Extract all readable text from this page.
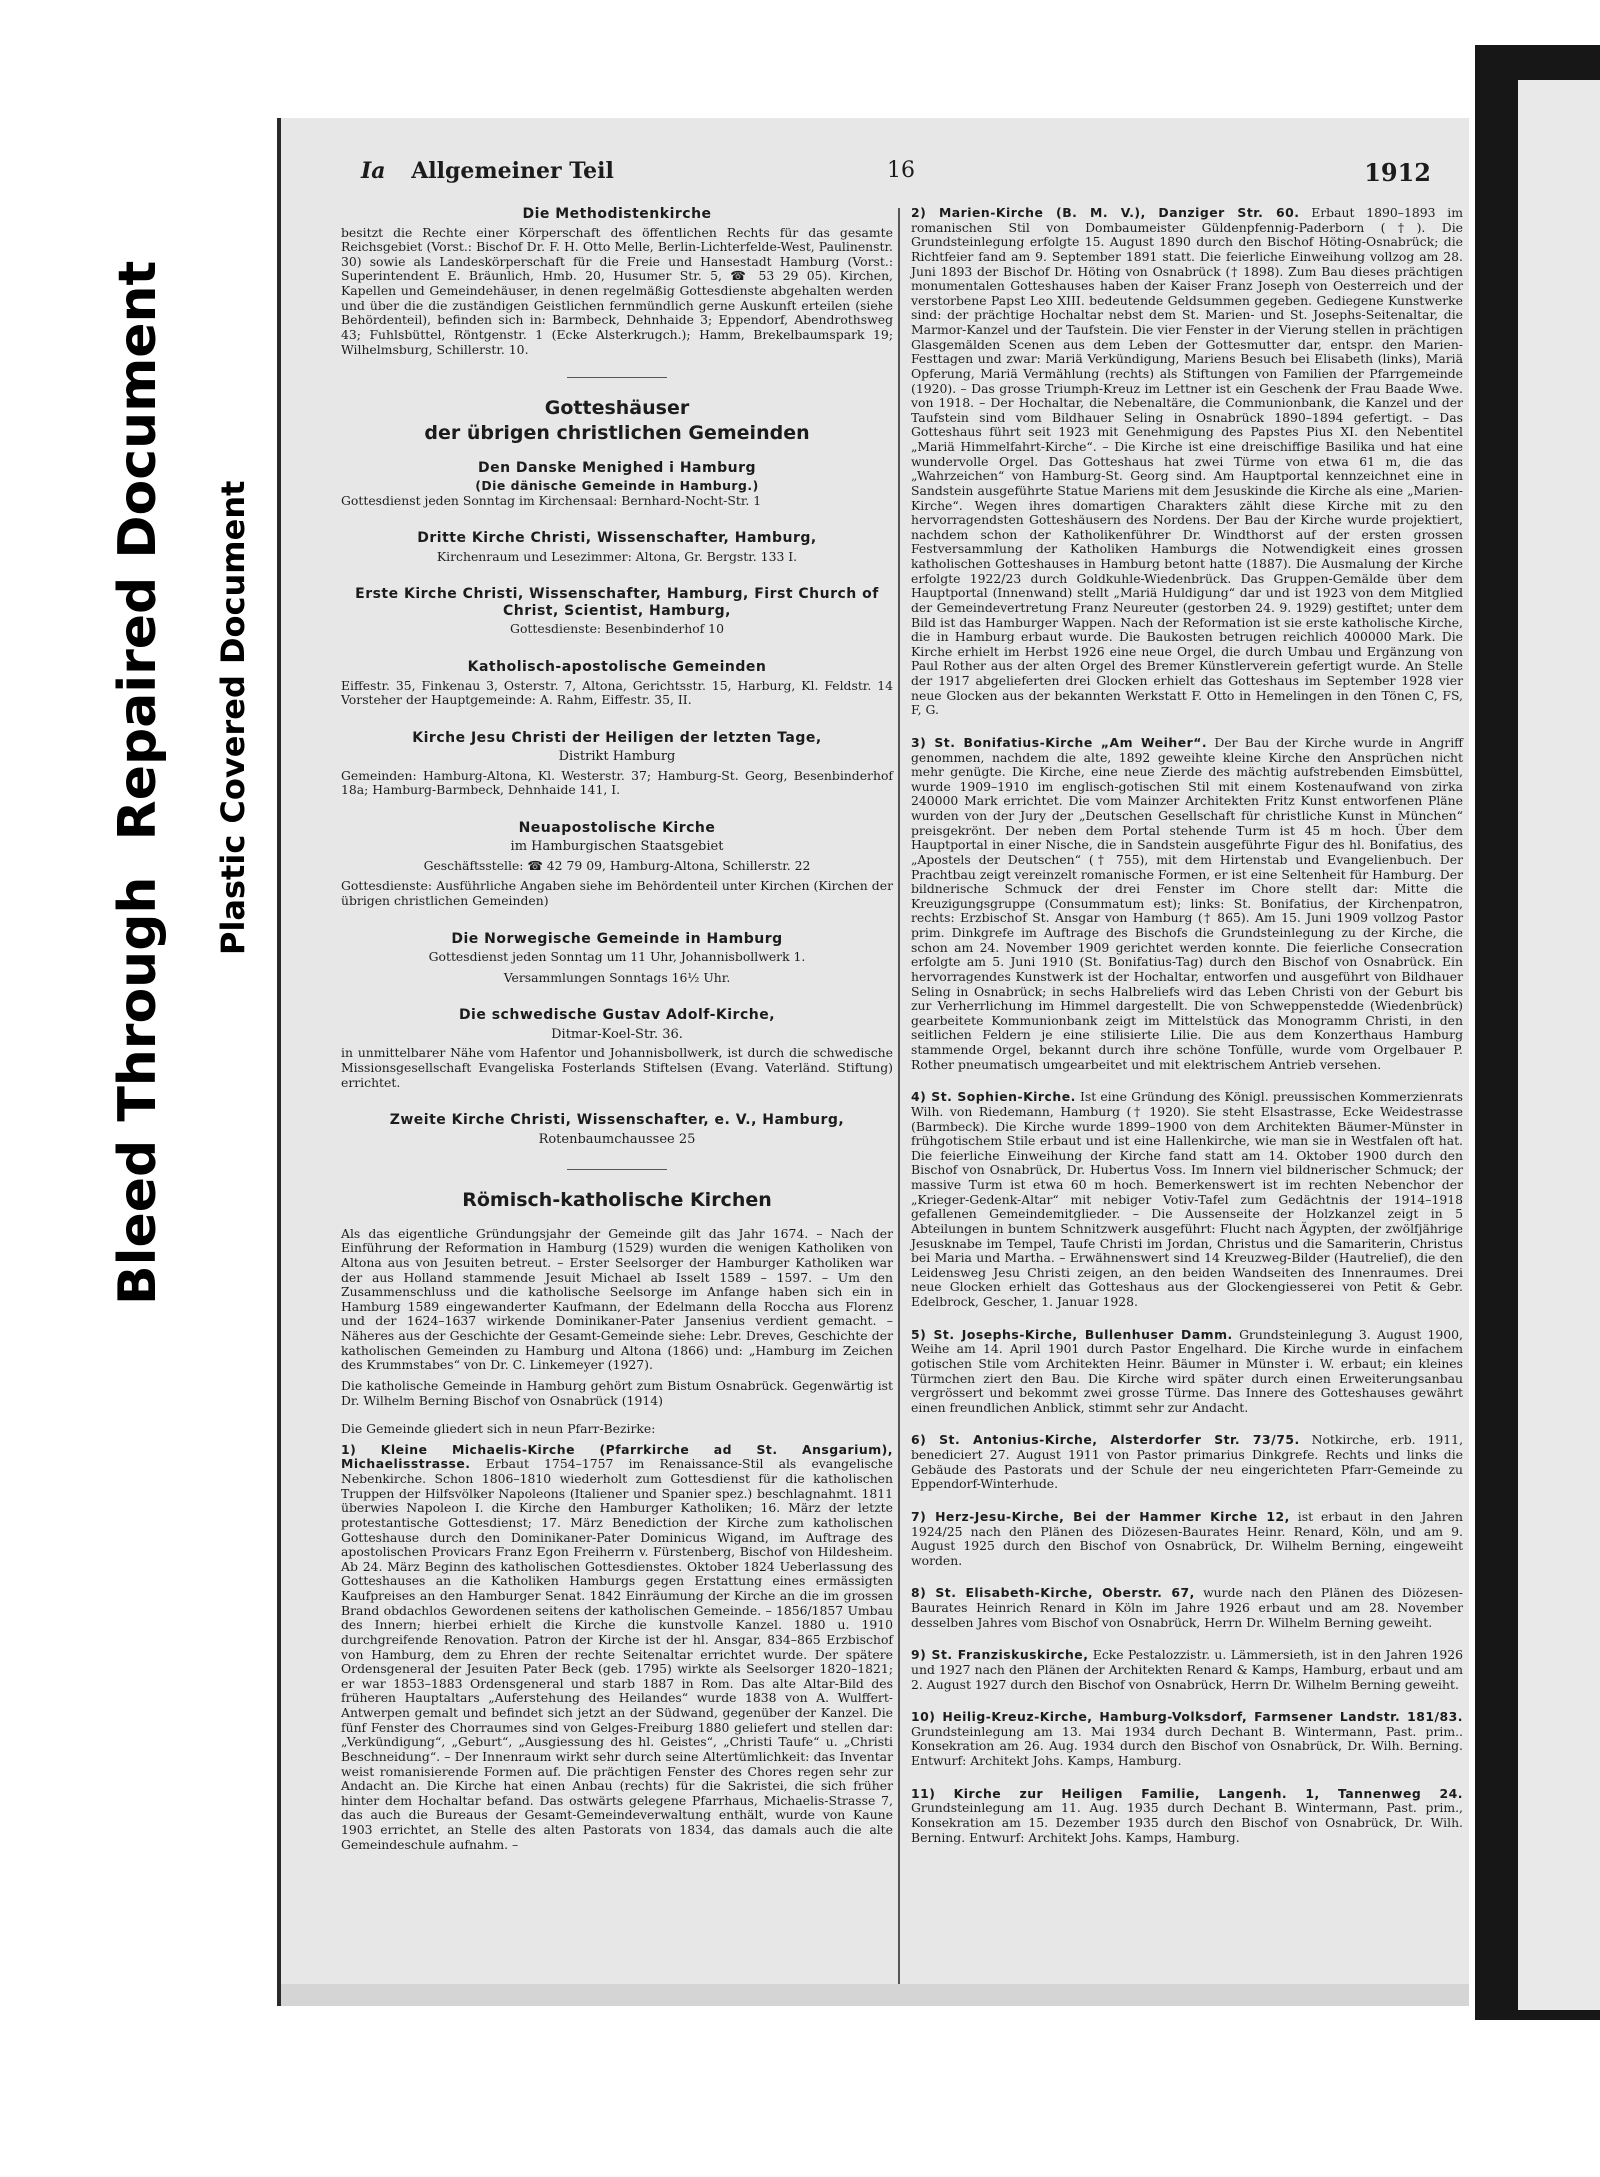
Bleed Through  Repaired Document	Plastic Covered Document
Ia Allgemeiner Teil	16	1912
Die Methodistenkirche

besitzt die Rechte einer Körperschaft des öffentlichen Rechts für das gesamte Reichsgebiet (Vorst.: Bischof Dr. F. H. Otto Melle, Berlin-Lichterfelde-West, Paulinenstr. 30) sowie als Landeskörperschaft für die Freie und Hansestadt Hamburg (Vorst.: Superintendent E. Bräunlich, Hmb. 20, Husumer Str. 5, ☎ 53 29 05). Kirchen, Kapellen und Gemeindehäuser, in denen regelmäßig Gottesdienste abgehalten werden und über die die zuständigen Geistlichen fernmündlich gerne Auskunft erteilen (siehe Behördenteil), befinden sich in: Barmbeck, Dehnhaide 3; Eppendorf, Abendrothsweg 43; Fuhlsbüttel, Röntgenstr. 1 (Ecke Alsterkrugch.); Hamm, Brekelbaumspark 19; Wilhelmsburg, Schillerstr. 10.

Gotteshäuser
der übrigen christlichen Gemeinden
Den Danske Menighed i Hamburg
(Die dänische Gemeinde in Hamburg.)

Gottesdienst jeden Sonntag im Kirchensaal: Bernhard-Nocht-Str. 1

Dritte Kirche Christi, Wissenschafter, Hamburg,

Kirchenraum und Lesezimmer: Altona, Gr. Bergstr. 133 I.

Erste Kirche Christi, Wissenschafter, Hamburg, First Church of Christ, Scientist, Hamburg,

Gottesdienste: Besenbinderhof 10

Katholisch-apostolische Gemeinden

Eiffestr. 35, Finkenau 3, Osterstr. 7, Altona, Gerichtsstr. 15, Harburg, Kl. Feldstr. 14 Vorsteher der Hauptgemeinde: A. Rahm, Eiffestr. 35, II.

Kirche Jesu Christi der Heiligen der letzten Tage,
Distrikt Hamburg

Gemeinden: Hamburg-Altona, Kl. Westerstr. 37; Hamburg-St. Georg, Besenbinderhof 18a; Hamburg-Barmbeck, Dehnhaide 141, I.

Neuapostolische Kirche
im Hamburgischen Staatsgebiet

Geschäftsstelle: ☎ 42 79 09, Hamburg-Altona, Schillerstr. 22

Gottesdienste: Ausführliche Angaben siehe im Behördenteil unter Kirchen (Kirchen der übrigen christlichen Gemeinden)

Die Norwegische Gemeinde in Hamburg

Gottesdienst jeden Sonntag um 11 Uhr, Johannisbollwerk 1.

Versammlungen Sonntags 16½ Uhr.

Die schwedische Gustav Adolf-Kirche,
Ditmar-Koel-Str. 36.

in unmittelbarer Nähe vom Hafentor und Johannisbollwerk, ist durch die schwedische Missionsgesellschaft Evangeliska Fosterlands Stiftelsen (Evang. Vaterländ. Stiftung) errichtet.

Zweite Kirche Christi, Wissenschafter, e. V., Hamburg,
Rotenbaumchaussee 25
Römisch-katholische Kirchen

Als das eigentliche Gründungsjahr der Gemeinde gilt das Jahr 1674. – Nach der Einführung der Reformation in Hamburg (1529) wurden die wenigen Katholiken von Altona aus von Jesuiten betreut. – Erster Seelsorger der Hamburger Katholiken war der aus Holland stammende Jesuit Michael ab Isselt 1589 – 1597. – Um den Zusammenschluss und die katholische Seelsorge im Anfange haben sich ein in Hamburg 1589 eingewanderter Kaufmann, der Edelmann della Roccha aus Florenz und der 1624–1637 wirkende Dominikaner-Pater Jansenius verdient gemacht. – Näheres aus der Geschichte der Gesamt-Gemeinde siehe: Lebr. Dreves, Geschichte der katholischen Gemeinden zu Hamburg und Altona (1866) und: „Hamburg im Zeichen des Krummstabes“ von Dr. C. Linkemeyer (1927).

Die katholische Gemeinde in Hamburg gehört zum Bistum Osnabrück. Gegenwärtig ist Dr. Wilhelm Berning Bischof von Osnabrück (1914)

Die Gemeinde gliedert sich in neun Pfarr-Bezirke:

1) Kleine Michaelis-Kirche (Pfarrkirche ad St. Ansgarium), Michaelisstrasse. Erbaut 1754–1757 im Renaissance-Stil als evangelische Nebenkirche. Schon 1806–1810 wiederholt zum Gottesdienst für die katholischen Truppen der Hilfsvölker Napoleons (Italiener und Spanier spez.) beschlagnahmt. 1811 überwies Napoleon I. die Kirche den Hamburger Katholiken; 16. März der letzte protestantische Gottesdienst; 17. März Benediction der Kirche zum katholischen Gotteshause durch den Dominikaner-Pater Dominicus Wigand, im Auftrage des apostolischen Provicars Franz Egon Freiherrn v. Fürstenberg, Bischof von Hildesheim. Ab 24. März Beginn des katholischen Gottesdienstes. Oktober 1824 Ueberlassung des Gotteshauses an die Katholiken Hamburgs gegen Erstattung eines ermässigten Kaufpreises an den Hamburger Senat. 1842 Einräumung der Kirche an die im grossen Brand obdachlos Gewordenen seitens der katholischen Gemeinde. – 1856/1857 Umbau des Innern; hierbei erhielt die Kirche die kunstvolle Kanzel. 1880 u. 1910 durchgreifende Renovation. Patron der Kirche ist der hl. Ansgar, 834–865 Erzbischof von Hamburg, dem zu Ehren der rechte Seitenaltar errichtet wurde. Der spätere Ordensgeneral der Jesuiten Pater Beck (geb. 1795) wirkte als Seelsorger 1820–1821; er war 1853–1883 Ordensgeneral und starb 1887 in Rom. Das alte Altar-Bild des früheren Hauptaltars „Auferstehung des Heilandes“ wurde 1838 von A. Wulffert-Antwerpen gemalt und befindet sich jetzt an der Südwand, gegenüber der Kanzel. Die fünf Fenster des Chorraumes sind von Gelges-Freiburg 1880 geliefert und stellen dar: „Verkündigung“, „Geburt“, „Ausgiessung des hl. Geistes“, „Christi Taufe“ u. „Christi Beschneidung“. – Der Innenraum wirkt sehr durch seine Altertümlichkeit: das Inventar weist romanisierende Formen auf. Die prächtigen Fenster des Chores regen sehr zur Andacht an. Die Kirche hat einen Anbau (rechts) für die Sakristei, die sich früher hinter dem Hochaltar befand. Das ostwärts gelegene Pfarrhaus, Michaelis-Strasse 7, das auch die Bureaus der Gesamt-Gemeindeverwaltung enthält, wurde von Kaune 1903 errichtet, an Stelle des alten Pastorats von 1834, das damals auch die alte Gemeindeschule aufnahm. –

2) Marien-Kirche (B. M. V.), Danziger Str. 60. Erbaut 1890–1893 im romanischen Stil von Dombaumeister Güldenpfennig-Paderborn (†). Die Grundsteinlegung erfolgte 15. August 1890 durch den Bischof Höting-Osnabrück; die Richtfeier fand am 9. September 1891 statt. Die feierliche Einweihung vollzog am 28. Juni 1893 der Bischof Dr. Höting von Osnabrück († 1898). Zum Bau dieses prächtigen monumentalen Gotteshauses haben der Kaiser Franz Joseph von Oesterreich und der verstorbene Papst Leo XIII. bedeutende Geldsummen gegeben. Gediegene Kunstwerke sind: der prächtige Hochaltar nebst dem St. Marien- und St. Josephs-Seitenaltar, die Marmor-Kanzel und der Taufstein. Die vier Fenster in der Vierung stellen in prächtigen Glasgemälden Scenen aus dem Leben der Gottesmutter dar, entspr. den Marien-Festtagen und zwar: Mariä Verkündigung, Mariens Besuch bei Elisabeth (links), Mariä Opferung, Mariä Vermählung (rechts) als Stiftungen von Familien der Pfarrgemeinde (1920). – Das grosse Triumph-Kreuz im Lettner ist ein Geschenk der Frau Baade Wwe. von 1918. – Der Hochaltar, die Nebenaltäre, die Communionbank, die Kanzel und der Taufstein sind vom Bildhauer Seling in Osnabrück 1890–1894 gefertigt. – Das Gotteshaus führt seit 1923 mit Genehmigung des Papstes Pius XI. den Nebentitel „Mariä Himmelfahrt-Kirche“. – Die Kirche ist eine dreischiffige Basilika und hat eine wundervolle Orgel. Das Gotteshaus hat zwei Türme von etwa 61 m, die das „Wahrzeichen“ von Hamburg-St. Georg sind. Am Hauptportal kennzeichnet eine in Sandstein ausgeführte Statue Mariens mit dem Jesuskinde die Kirche als eine „Marien-Kirche“. Wegen ihres domartigen Charakters zählt diese Kirche mit zu den hervorragendsten Gotteshäusern des Nordens. Der Bau der Kirche wurde projektiert, nachdem schon der Katholikenführer Dr. Windthorst auf der ersten grossen Festversammlung der Katholiken Hamburgs die Notwendigkeit eines grossen katholischen Gotteshauses in Hamburg betont hatte (1887). Die Ausmalung der Kirche erfolgte 1922/23 durch Goldkuhle-Wiedenbrück. Das Gruppen-Gemälde über dem Hauptportal (Innenwand) stellt „Mariä Huldigung“ dar und ist 1923 von dem Mitglied der Gemeindevertretung Franz Neureuter (gestorben 24. 9. 1929) gestiftet; unter dem Bild ist das Hamburger Wappen. Nach der Reformation ist sie erste katholische Kirche, die in Hamburg erbaut wurde. Die Baukosten betrugen reichlich 400000 Mark. Die Kirche erhielt im Herbst 1926 eine neue Orgel, die durch Umbau und Ergänzung von Paul Rother aus der alten Orgel des Bremer Künstlerverein gefertigt wurde. An Stelle der 1917 abgelieferten drei Glocken erhielt das Gotteshaus im September 1928 vier neue Glocken aus der bekannten Werkstatt F. Otto in Hemelingen in den Tönen C, FS, F, G.

3) St. Bonifatius-Kirche „Am Weiher“. Der Bau der Kirche wurde in Angriff genommen, nachdem die alte, 1892 geweihte kleine Kirche den Ansprüchen nicht mehr genügte. Die Kirche, eine neue Zierde des mächtig aufstrebenden Eimsbüttel, wurde 1909–1910 im englisch-gotischen Stil mit einem Kostenaufwand von zirka 240000 Mark errichtet. Die vom Mainzer Architekten Fritz Kunst entworfenen Pläne wurden von der Jury der „Deutschen Gesellschaft für christliche Kunst in München“ preisgekrönt. Der neben dem Portal stehende Turm ist 45 m hoch. Über dem Hauptportal in einer Nische, die in Sandstein ausgeführte Figur des hl. Bonifatius, des „Apostels der Deutschen“ († 755), mit dem Hirtenstab und Evangelienbuch. Der Prachtbau zeigt vereinzelt romanische Formen, er ist eine Seltenheit für Hamburg. Der bildnerische Schmuck der drei Fenster im Chore stellt dar: Mitte die Kreuzigungsgruppe (Consummatum est); links: St. Bonifatius, der Kirchenpatron, rechts: Erzbischof St. Ansgar von Hamburg († 865). Am 15. Juni 1909 vollzog Pastor prim. Dinkgrefe im Auftrage des Bischofs die Grundsteinlegung zu der Kirche, die schon am 24. November 1909 gerichtet werden konnte. Die feierliche Consecration erfolgte am 5. Juni 1910 (St. Bonifatius-Tag) durch den Bischof von Osnabrück. Ein hervorragendes Kunstwerk ist der Hochaltar, entworfen und ausgeführt von Bildhauer Seling in Osnabrück; in sechs Halbreliefs wird das Leben Christi von der Geburt bis zur Verherrlichung im Himmel dargestellt. Die von Schweppenstedde (Wiedenbrück) gearbeitete Kommunionbank zeigt im Mittelstück das Monogramm Christi, in den seitlichen Feldern je eine stilisierte Lilie. Die aus dem Konzerthaus Hamburg stammende Orgel, bekannt durch ihre schöne Tonfülle, wurde vom Orgelbauer P. Rother pneumatisch umgearbeitet und mit elektrischem Antrieb versehen.

4) St. Sophien-Kirche. Ist eine Gründung des Königl. preussischen Kommerzienrats Wilh. von Riedemann, Hamburg († 1920). Sie steht Elsastrasse, Ecke Weidestrasse (Barmbeck). Die Kirche wurde 1899–1900 von dem Architekten Bäumer-Münster in frühgotischem Stile erbaut und ist eine Hallenkirche, wie man sie in Westfalen oft hat. Die feierliche Einweihung der Kirche fand statt am 14. Oktober 1900 durch den Bischof von Osnabrück, Dr. Hubertus Voss. Im Innern viel bildnerischer Schmuck; der massive Turm ist etwa 60 m hoch. Bemerkenswert ist im rechten Nebenchor der „Krieger-Gedenk-Altar“ mit nebiger Votiv-Tafel zum Gedächtnis der 1914–1918 gefallenen Gemeindemitglieder. – Die Aussenseite der Holzkanzel zeigt in 5 Abteilungen in buntem Schnitzwerk ausgeführt: Flucht nach Ägypten, der zwölfjährige Jesusknabe im Tempel, Taufe Christi im Jordan, Christus und die Samariterin, Christus bei Maria und Martha. – Erwähnenswert sind 14 Kreuzweg-Bilder (Hautrelief), die den Leidensweg Jesu Christi zeigen, an den beiden Wandseiten des Innenraumes. Drei neue Glocken erhielt das Gotteshaus aus der Glockengiesserei von Petit & Gebr. Edelbrock, Gescher, 1. Januar 1928.

5) St. Josephs-Kirche, Bullenhuser Damm. Grundsteinlegung 3. August 1900, Weihe am 14. April 1901 durch Pastor Engelhard. Die Kirche wurde in einfachem gotischen Stile vom Architekten Heinr. Bäumer in Münster i. W. erbaut; ein kleines Türmchen ziert den Bau. Die Kirche wird später durch einen Erweiterungsanbau vergrössert und bekommt zwei grosse Türme. Das Innere des Gotteshauses gewährt einen freundlichen Anblick, stimmt sehr zur Andacht.

6) St. Antonius-Kirche, Alsterdorfer Str. 73/75. Notkirche, erb. 1911, benediciert 27. August 1911 von Pastor primarius Dinkgrefe. Rechts und links die Gebäude des Pastorats und der Schule der neu eingerichteten Pfarr-Gemeinde zu Eppendorf-Winterhude.

7) Herz-Jesu-Kirche, Bei der Hammer Kirche 12, ist erbaut in den Jahren 1924/25 nach den Plänen des Diözesen-Baurates Heinr. Renard, Köln, und am 9. August 1925 durch den Bischof von Osnabrück, Dr. Wilhelm Berning, eingeweiht worden.

8) St. Elisabeth-Kirche, Oberstr. 67, wurde nach den Plänen des Diözesen-Baurates Heinrich Renard in Köln im Jahre 1926 erbaut und am 28. November desselben Jahres vom Bischof von Osnabrück, Herrn Dr. Wilhelm Berning geweiht.

9) St. Franziskuskirche, Ecke Pestalozzistr. u. Lämmersieth, ist in den Jahren 1926 und 1927 nach den Plänen der Architekten Renard & Kamps, Hamburg, erbaut und am 2. August 1927 durch den Bischof von Osnabrück, Herrn Dr. Wilhelm Berning geweiht.

10) Heilig-Kreuz-Kirche, Hamburg-Volksdorf, Farmsener Landstr. 181/83. Grundsteinlegung am 13. Mai 1934 durch Dechant B. Wintermann, Past. prim.. Konsekration am 26. Aug. 1934 durch den Bischof von Osnabrück, Dr. Wilh. Berning. Entwurf: Architekt Johs. Kamps, Hamburg.

11) Kirche zur Heiligen Familie, Langenh. 1, Tannenweg 24. Grundsteinlegung am 11. Aug. 1935 durch Dechant B. Wintermann, Past. prim., Konsekration am 15. Dezember 1935 durch den Bischof von Osnabrück, Dr. Wilh. Berning. Entwurf: Architekt Johs. Kamps, Hamburg.
